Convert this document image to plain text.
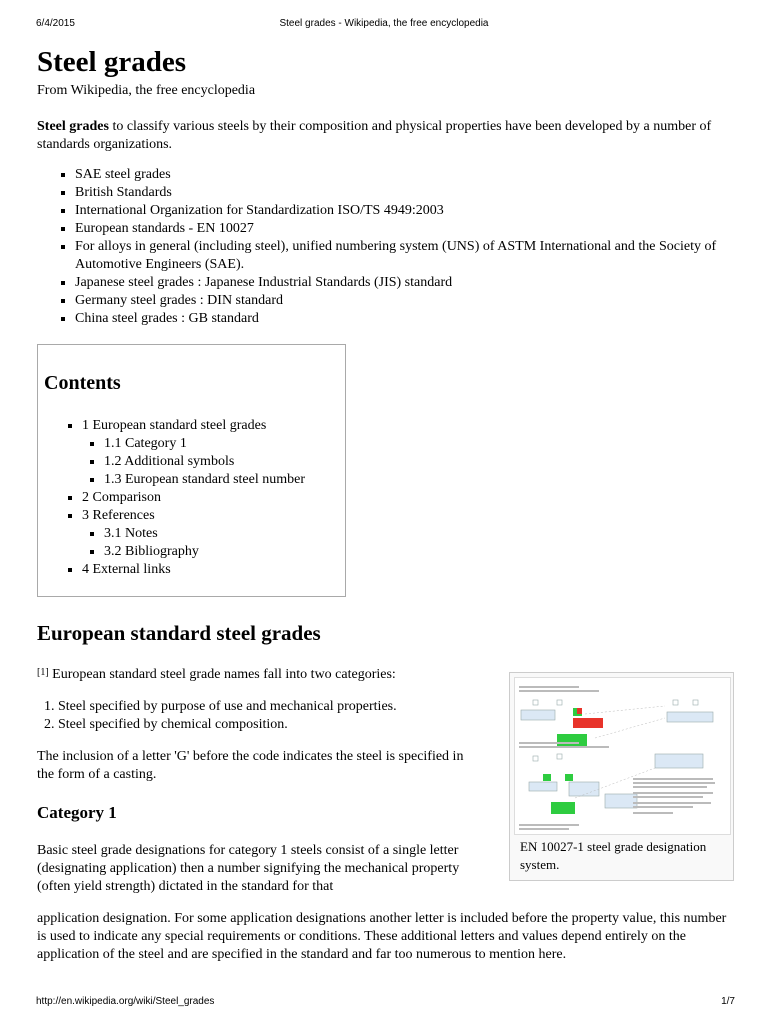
6/4/2015	Steel grades - Wikipedia, the free encyclopedia
Steel grades

From Wikipedia, the free encyclopedia

Steel grades to classify various steels by their composition and physical properties have been developed by a number of standards organizations.

▪ SAE steel grades
▪ British Standards
▪ International Organization for Standardization ISO/TS 4949:2003
▪ European standards - EN 10027
▪ For alloys in general (including steel), unified numbering system (UNS) of ASTM International and the Society of Automotive Engineers (SAE).
▪ Japanese steel grades : Japanese Industrial Standards (JIS) standard
▪ Germany steel grades : DIN standard
▪ China steel grades : GB standard
Contents
▪ 1 European standard steel grades
▪ 1.1 Category 1
▪ 1.2 Additional symbols
▪ 1.3 European standard steel number
▪ 2 Comparison
▪ 3 References
▪ 3.1 Notes
▪ 3.2 Bibliography
▪ 4 External links
European standard steel grades

[1] European standard steel grade names fall into two categories:

1. Steel specified by purpose of use and mechanical properties.
2. Steel specified by chemical composition.

The inclusion of a letter 'G' before the code indicates the steel is specified in the form of a casting.

Category 1

Basic steel grade designations for category 1 steels consist of a single letter (designating application) then a number signifying the mechanical property (often yield strength) dictated in the standard for that

application designation. For some application designations another letter is included before the property value, this number is used to indicate any special requirements or conditions. These additional letters and values depend entirely on the application of the steel and are specified in the standard and far too numerous to mention here.

EN 10027-1 steel grade designation system.
http://en.wikipedia.org/wiki/Steel_grades	1/7
